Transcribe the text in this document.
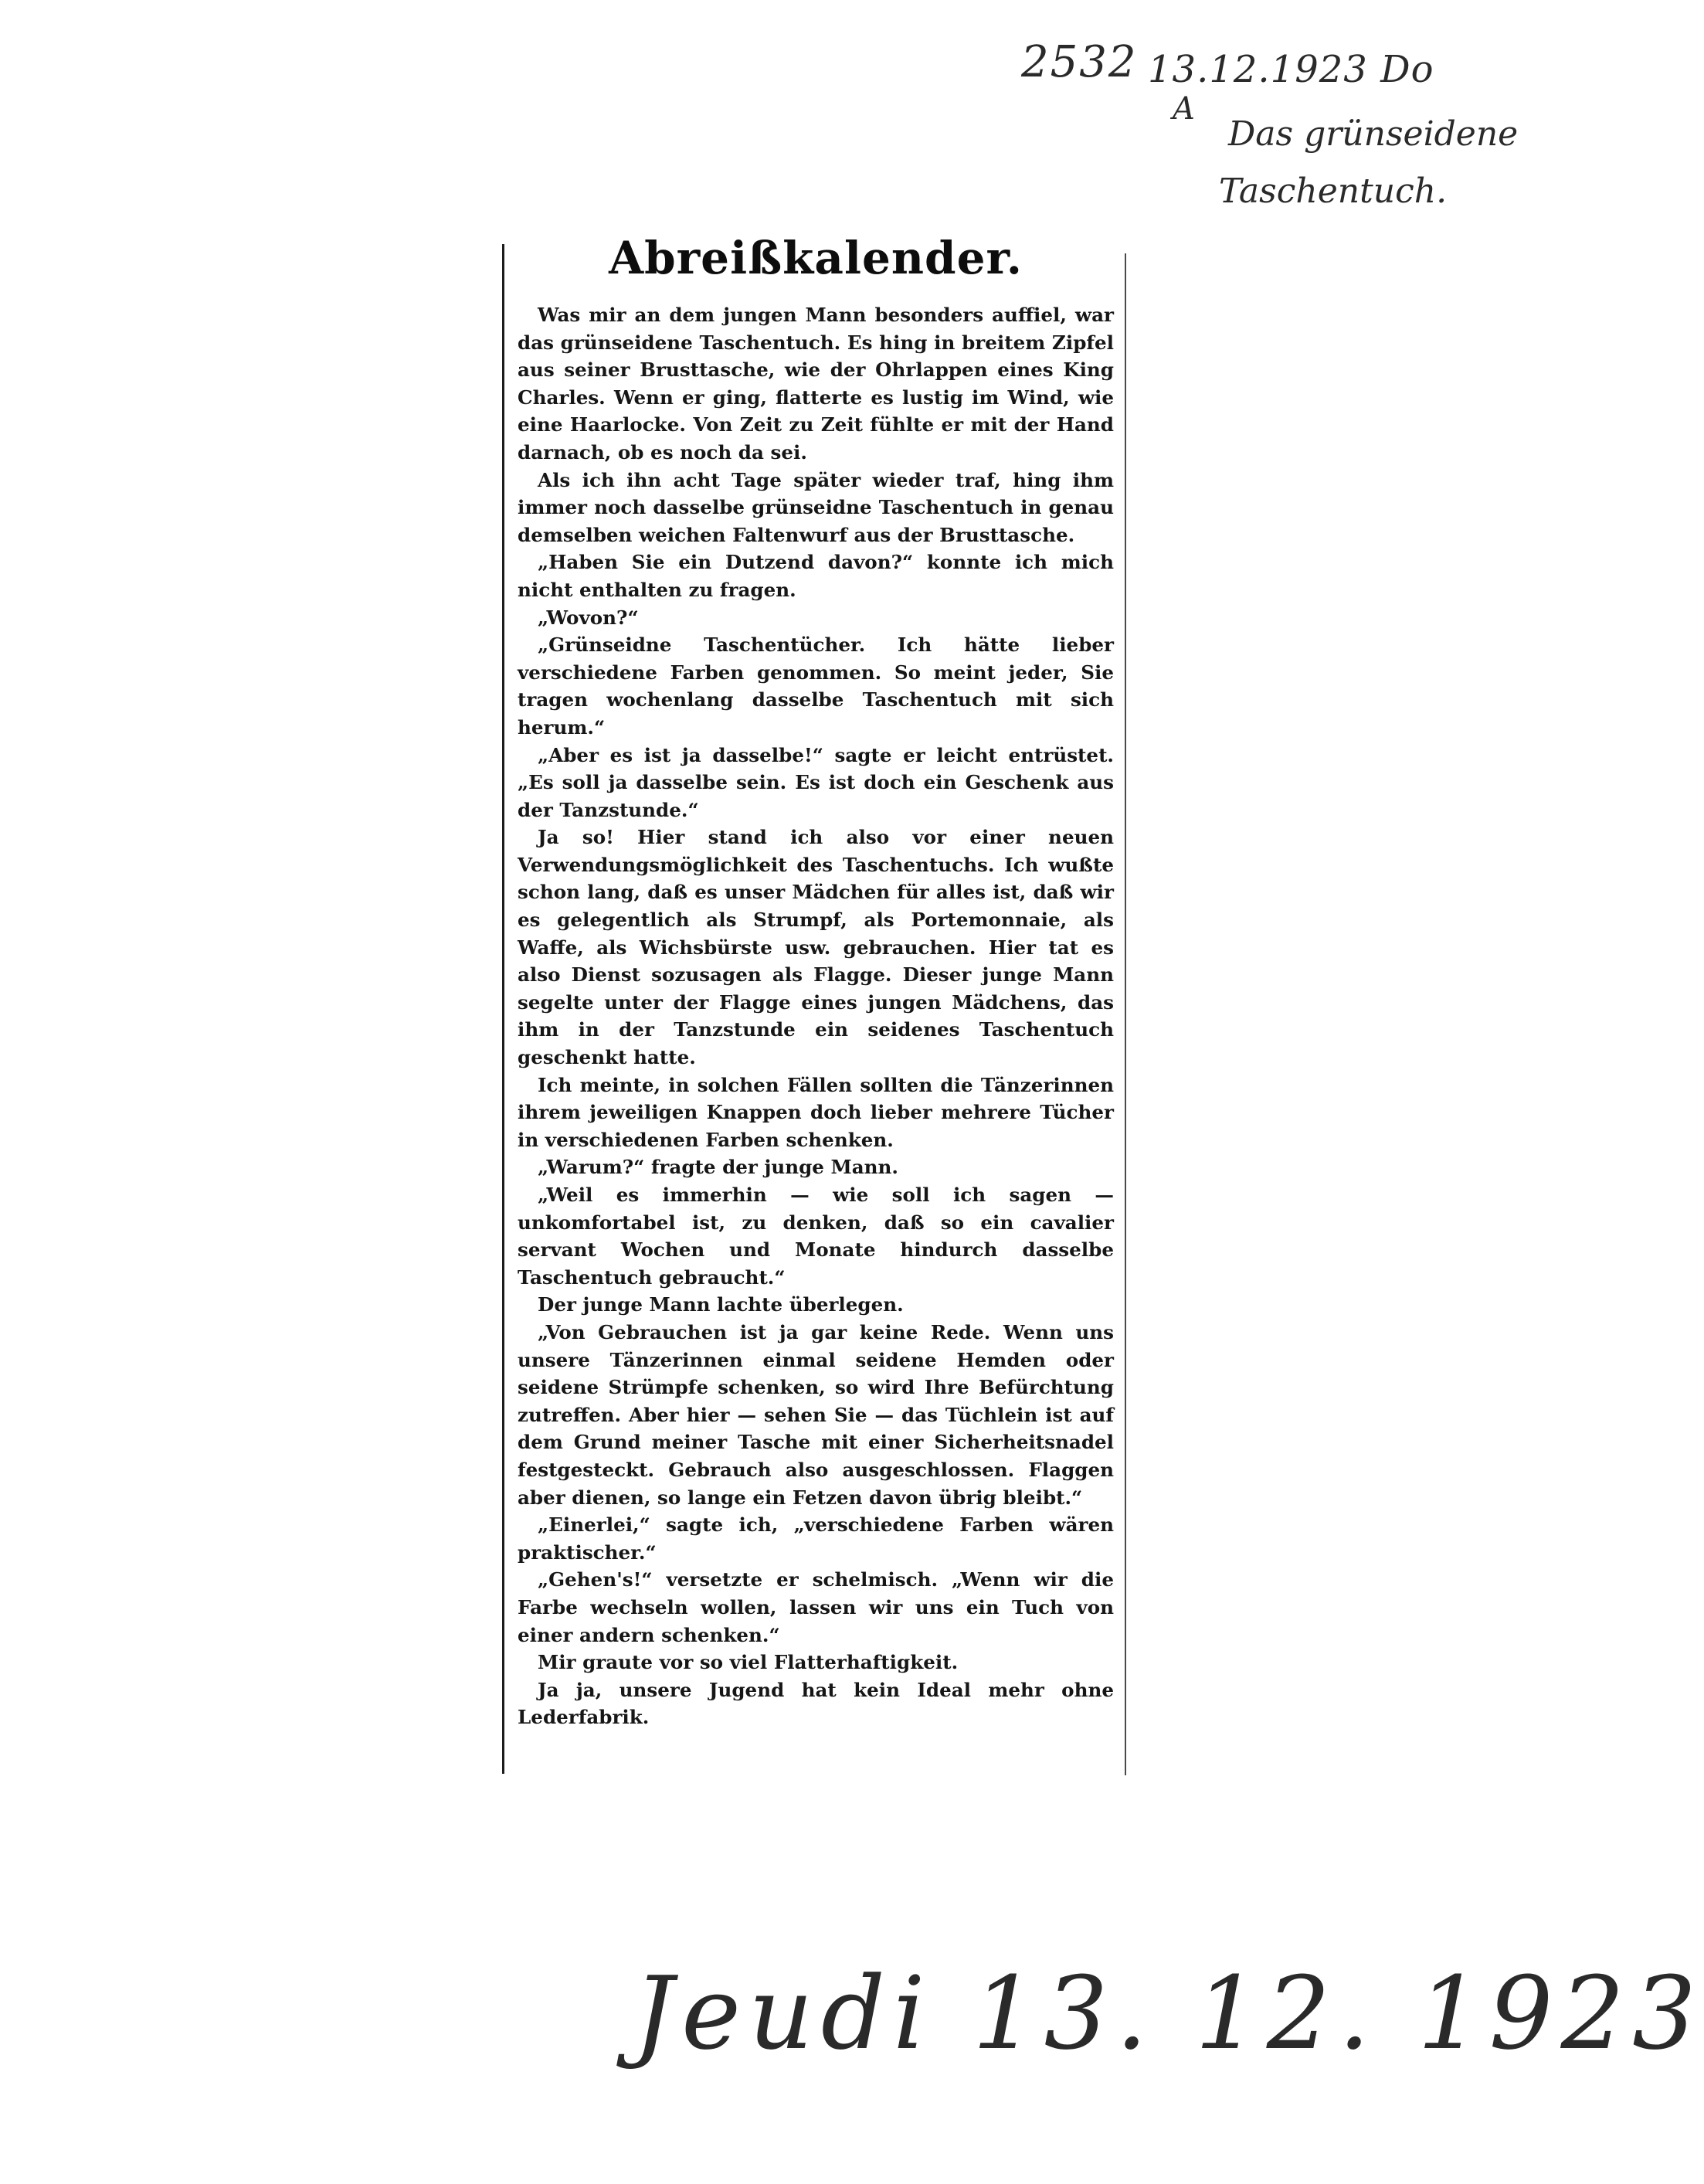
2532 13.12.1923 Do
A
Das grünseidene
Taschentuch.
Abreißkalender.

Was mir an dem jungen Mann besonders auffiel, war das grünseidene Taschentuch. Es hing in breitem Zipfel aus seiner Brusttasche, wie der Ohrlappen eines King Charles. Wenn er ging, flatterte es lustig im Wind, wie eine Haarlocke. Von Zeit zu Zeit fühlte er mit der Hand darnach, ob es noch da sei.

Als ich ihn acht Tage später wieder traf, hing ihm immer noch dasselbe grünseidne Taschentuch in genau demselben weichen Faltenwurf aus der Brusttasche.

„Haben Sie ein Dutzend davon?“ konnte ich mich nicht enthalten zu fragen.

„Wovon?“

„Grünseidne Taschentücher. Ich hätte lieber verschiedene Farben genommen. So meint jeder, Sie tragen wochenlang dasselbe Taschentuch mit sich herum.“

„Aber es ist ja dasselbe!“ sagte er leicht entrüstet. „Es soll ja dasselbe sein. Es ist doch ein Geschenk aus der Tanzstunde.“

Ja so! Hier stand ich also vor einer neuen Verwendungsmöglichkeit des Taschentuchs. Ich wußte schon lang, daß es unser Mädchen für alles ist, daß wir es gelegentlich als Strumpf, als Portemonnaie, als Waffe, als Wichsbürste usw. gebrauchen. Hier tat es also Dienst sozusagen als Flagge. Dieser junge Mann segelte unter der Flagge eines jungen Mädchens, das ihm in der Tanzstunde ein seidenes Taschentuch geschenkt hatte.

Ich meinte, in solchen Fällen sollten die Tänzerinnen ihrem jeweiligen Knappen doch lieber mehrere Tücher in verschiedenen Farben schenken.

„Warum?“ fragte der junge Mann.

„Weil es immerhin — wie soll ich sagen — unkomfortabel ist, zu denken, daß so ein cavalier servant Wochen und Monate hindurch dasselbe Taschentuch gebraucht.“

Der junge Mann lachte überlegen.

„Von Gebrauchen ist ja gar keine Rede. Wenn uns unsere Tänzerinnen einmal seidene Hemden oder seidene Strümpfe schenken, so wird Ihre Befürchtung zutreffen. Aber hier — sehen Sie — das Tüchlein ist auf dem Grund meiner Tasche mit einer Sicherheitsnadel festgesteckt. Gebrauch also ausgeschlossen. Flaggen aber dienen, so lange ein Fetzen davon übrig bleibt.“

„Einerlei,“ sagte ich, „verschiedene Farben wären praktischer.“

„Gehen's!“ versetzte er schelmisch. „Wenn wir die Farbe wechseln wollen, lassen wir uns ein Tuch von einer andern schenken.“

Mir graute vor so viel Flatterhaftigkeit.

Ja ja, unsere Jugend hat kein Ideal mehr ohne Lederfabrik.

Jeudi 13. 12. 1923
